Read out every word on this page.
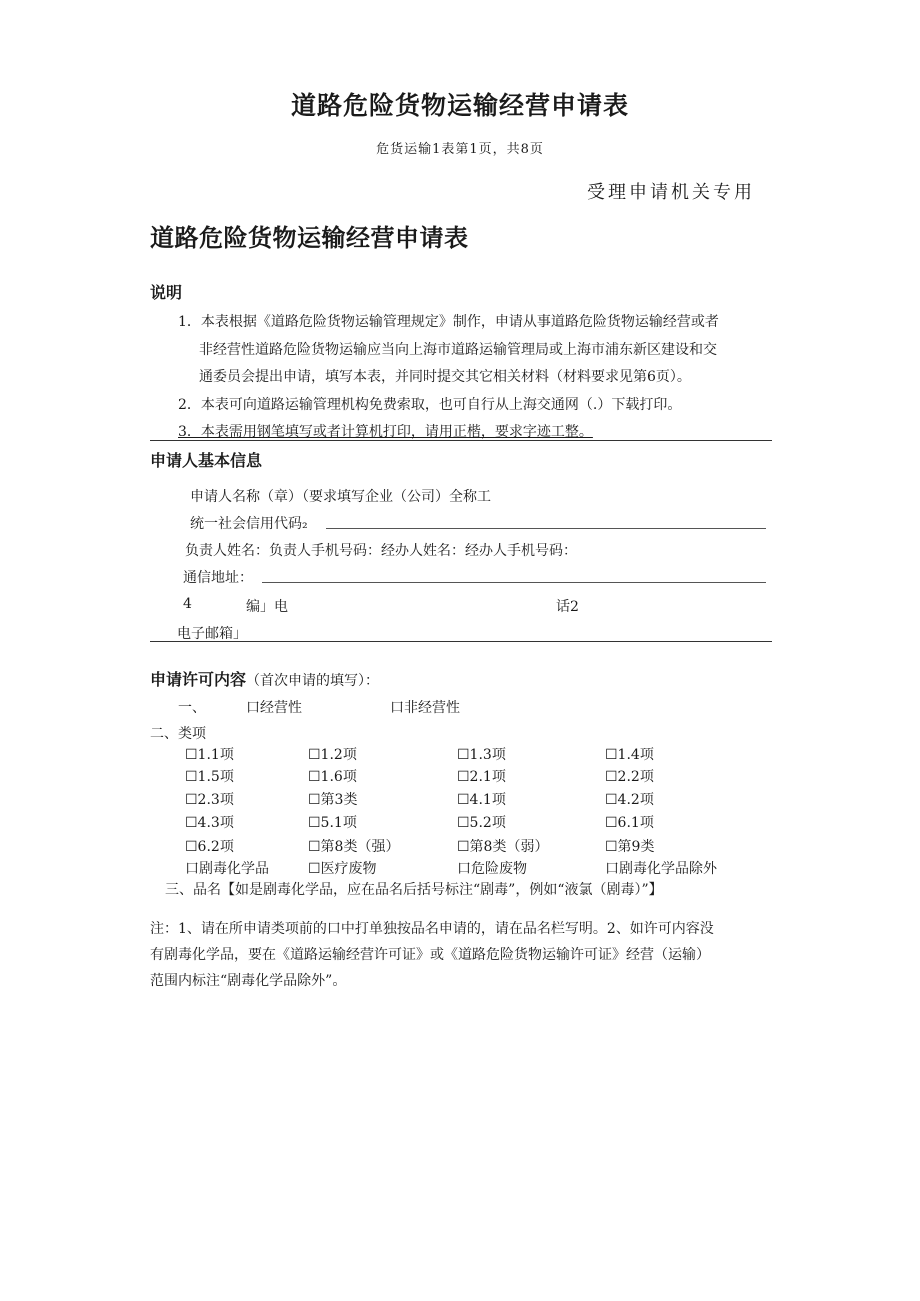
道路危险货物运输经营申请表
危货运输1表第1页，共8页
受理申请机关专用
道路危险货物运输经营申请表
说明
1．本表根据《道路危险货物运输管理规定》制作，申请从事道路危险货物运输经营或者
非经营性道路危险货物运输应当向上海市道路运输管理局或上海市浦东新区建设和交
通委员会提出申请，填写本表，并同时提交其它相关材料（材料要求见第6页）。
2．本表可向道路运输管理机构免费索取，也可自行从上海交通网（.）下载打印。
3．本表需用钢笔填写或者计算机打印，请用正楷，要求字迹工整。
申请人基本信息
申请人名称（章）（要求填写企业（公司）全称工
统一社会信用代码₂
负责人姓名：负责人手机号码：经办人姓名：经办人手机号码：
通信地址：
4	编」电	话2
电子邮箱」
申请许可内容（首次申请的填写）：
一、	口经营性	口非经营性
二、类项
☐1.1项	☐1.2项	☐1.3项	☐1.4项
☐1.5项	☐1.6项	☐2.1项	☐2.2项
☐2.3项	☐第3类	☐4.1项	☐4.2项
☐4.3项	☐5.1项	☐5.2项	☐6.1项
☐6.2项	☐第8类（强）	☐第8类（弱）	☐第9类
口剧毒化学品	☐医疗废物	口危险废物	口剧毒化学品除外
三、品名【如是剧毒化学品，应在品名后括号标注“剧毒”，例如“液氯（剧毒）”】
注：1、请在所申请类项前的口中打单独按品名申请的，请在品名栏写明。2、如许可内容没
有剧毒化学品，要在《道路运输经营许可证》或《道路危险货物运输许可证》经营（运输）
范围内标注“剧毒化学品除外”。
